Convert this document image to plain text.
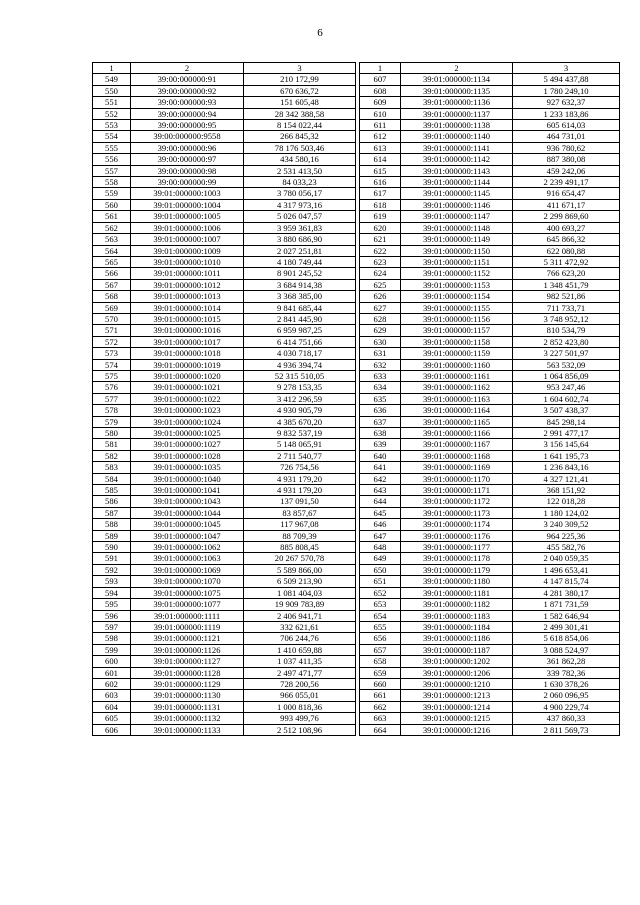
6
1	2	3
549	39:00:000000:91	210 172,99
550	39:00:000000:92	670 636,72
551	39:00:000000:93	151 605,48
552	39:00:000000:94	28 342 388,58
553	39:00:000000:95	8 154 022,44
554	39:00:000000:9558	266 845,32
555	39:00:000000:96	78 176 503,46
556	39:00:000000:97	434 580,16
557	39:00:000000:98	2 531 413,50
558	39:00:000000:99	84 033,23
559	39:01:000000:1003	3 780 056,17
560	39:01:000000:1004	4 317 973,16
561	39:01:000000:1005	5 026 047,57
562	39:01:000000:1006	3 959 361,83
563	39:01:000000:1007	3 880 686,90
564	39:01:000000:1009	2 027 251,81
565	39:01:000000:1010	4 180 749,44
566	39:01:000000:1011	8 901 245,52
567	39:01:000000:1012	3 684 914,38
568	39:01:000000:1013	3 368 385,00
569	39:01:000000:1014	9 841 685,44
570	39:01:000000:1015	2 841 445,90
571	39:01:000000:1016	6 959 987,25
572	39:01:000000:1017	6 414 751,66
573	39:01:000000:1018	4 030 718,17
574	39:01:000000:1019	4 936 394,74
575	39:01:000000:1020	52 315 510,05
576	39:01:000000:1021	9 278 153,35
577	39:01:000000:1022	3 412 296,59
578	39:01:000000:1023	4 930 905,79
579	39:01:000000:1024	4 385 670,20
580	39:01:000000:1025	9 832 537,19
581	39:01:000000:1027	5 148 065,91
582	39:01:000000:1028	2 711 540,77
583	39:01:000000:1035	726 754,56
584	39:01:000000:1040	4 931 179,20
585	39:01:000000:1041	4 931 179,20
586	39:01:000000:1043	137 091,50
587	39:01:000000:1044	83 857,67
588	39:01:000000:1045	117 967,08
589	39:01:000000:1047	88 709,39
590	39:01:000000:1062	885 808,45
591	39:01:000000:1063	20 267 570,78
592	39:01:000000:1069	5 589 866,00
593	39:01:000000:1070	6 509 213,90
594	39:01:000000:1075	1 081 404,03
595	39:01:000000:1077	19 909 783,89
596	39:01:000000:1111	2 406 941,71
597	39:01:000000:1119	332 621,61
598	39:01:000000:1121	706 244,76
599	39:01:000000:1126	1 410 659,88
600	39:01:000000:1127	1 037 411,35
601	39:01:000000:1128	2 497 471,77
602	39:01:000000:1129	728 200,56
603	39:01:000000:1130	966 055,01
604	39:01:000000:1131	1 000 818,36
605	39:01:000000:1132	993 499,76
606	39:01:000000:1133	2 512 108,96
1	2	3
607	39:01:000000:1134	5 494 437,88
608	39:01:000000:1135	1 780 249,10
609	39:01:000000:1136	927 632,37
610	39:01:000000:1137	1 233 183,86
611	39:01:000000:1138	605 614,03
612	39:01:000000:1140	464 731,01
613	39:01:000000:1141	936 780,62
614	39:01:000000:1142	887 380,08
615	39:01:000000:1143	459 242,06
616	39:01:000000:1144	2 239 491,17
617	39:01:000000:1145	916 654,47
618	39:01:000000:1146	411 671,17
619	39:01:000000:1147	2 299 869,60
620	39:01:000000:1148	400 693,27
621	39:01:000000:1149	645 866,32
622	39:01:000000:1150	622 080,88
623	39:01:000000:1151	5 311 472,92
624	39:01:000000:1152	766 623,20
625	39:01:000000:1153	1 348 451,79
626	39:01:000000:1154	982 521,86
627	39:01:000000:1155	711 733,71
628	39:01:000000:1156	3 748 952,12
629	39:01:000000:1157	810 534,79
630	39:01:000000:1158	2 852 423,80
631	39:01:000000:1159	3 227 501,97
632	39:01:000000:1160	563 532,09
633	39:01:000000:1161	1 064 856,09
634	39:01:000000:1162	953 247,46
635	39:01:000000:1163	1 604 602,74
636	39:01:000000:1164	3 507 438,37
637	39:01:000000:1165	845 298,14
638	39:01:000000:1166	2 991 477,17
639	39:01:000000:1167	3 156 145,64
640	39:01:000000:1168	1 641 195,73
641	39:01:000000:1169	1 236 843,16
642	39:01:000000:1170	4 327 121,41
643	39:01:000000:1171	368 151,92
644	39:01:000000:1172	122 018,28
645	39:01:000000:1173	1 180 124,02
646	39:01:000000:1174	3 240 309,52
647	39:01:000000:1176	964 225,36
648	39:01:000000:1177	455 582,76
649	39:01:000000:1178	2 040 059,35
650	39:01:000000:1179	1 496 653,41
651	39:01:000000:1180	4 147 815,74
652	39:01:000000:1181	4 281 380,17
653	39:01:000000:1182	1 871 731,59
654	39:01:000000:1183	1 582 646,94
655	39:01:000000:1184	2 499 301,41
656	39:01:000000:1186	5 618 854,06
657	39:01:000000:1187	3 088 524,97
658	39:01:000000:1202	361 862,28
659	39:01:000000:1206	339 782,36
660	39:01:000000:1210	1 630 378,26
661	39:01:000000:1213	2 060 096,95
662	39:01:000000:1214	4 900 229,74
663	39:01:000000:1215	437 860,33
664	39:01:000000:1216	2 811 569,73
